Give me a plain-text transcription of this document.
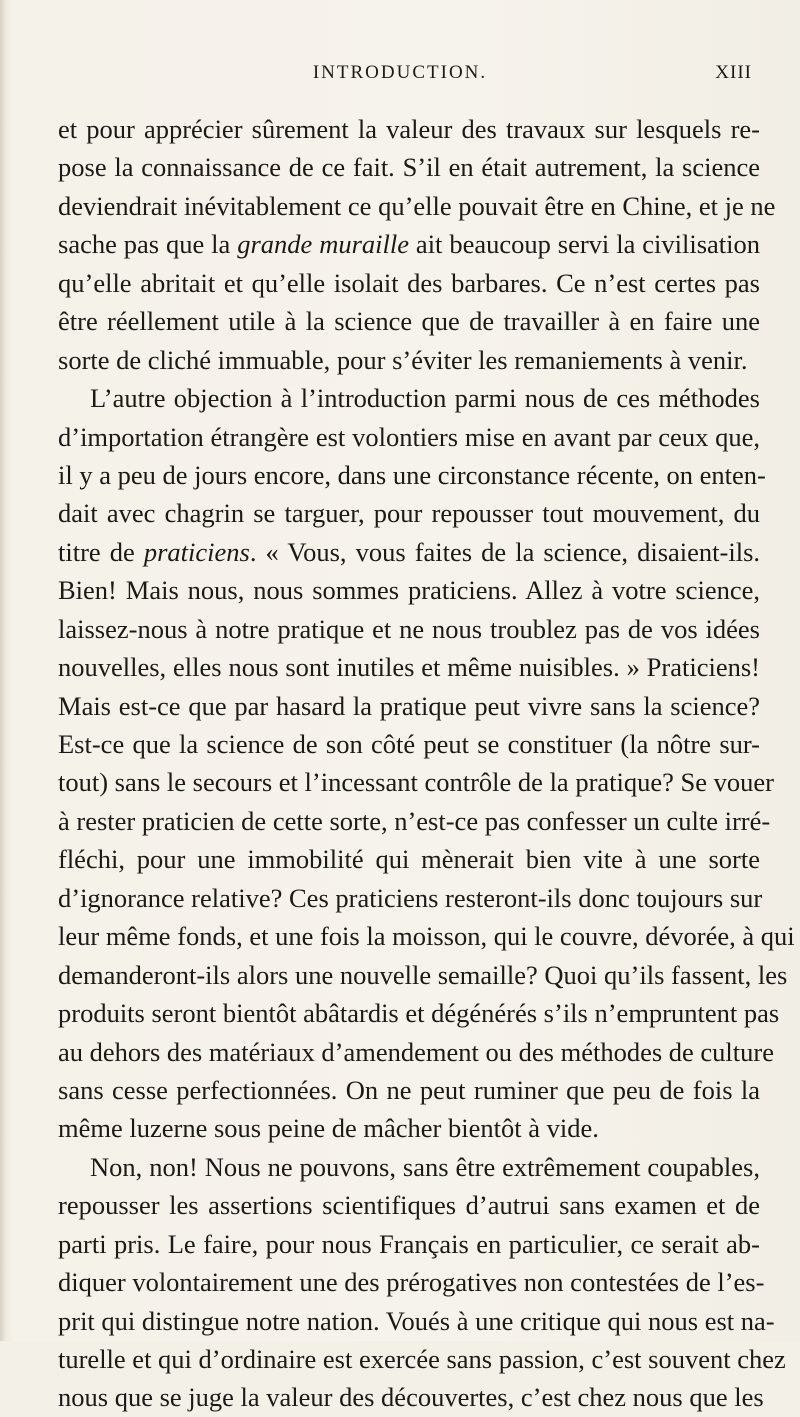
INTRODUCTION.	XIII
et pour apprécier sûrement la valeur des travaux sur lesquels re-
pose la connaissance de ce fait. S’il en était autrement, la science
deviendrait inévitablement ce qu’elle pouvait être en Chine, et je ne
sache pas que la grande muraille ait beaucoup servi la civilisation
qu’elle abritait et qu’elle isolait des barbares. Ce n’est certes pas
être réellement utile à la science que de travailler à en faire une
sorte de cliché immuable, pour s’éviter les remaniements à venir.
L’autre objection à l’introduction parmi nous de ces méthodes
d’importation étrangère est volontiers mise en avant par ceux que,
il y a peu de jours encore, dans une circonstance récente, on enten-
dait avec chagrin se targuer, pour repousser tout mouvement, du
titre de praticiens. « Vous, vous faites de la science, disaient-ils.
Bien! Mais nous, nous sommes praticiens. Allez à votre science,
laissez-nous à notre pratique et ne nous troublez pas de vos idées
nouvelles, elles nous sont inutiles et même nuisibles. » Praticiens!
Mais est-ce que par hasard la pratique peut vivre sans la science?
Est-ce que la science de son côté peut se constituer (la nôtre sur-
tout) sans le secours et l’incessant contrôle de la pratique? Se vouer
à rester praticien de cette sorte, n’est-ce pas confesser un culte irré-
fléchi, pour une immobilité qui mènerait bien vite à une sorte
d’ignorance relative? Ces praticiens resteront-ils donc toujours sur
leur même fonds, et une fois la moisson, qui le couvre, dévorée, à qui
demanderont-ils alors une nouvelle semaille? Quoi qu’ils fassent, les
produits seront bientôt abâtardis et dégénérés s’ils n’empruntent pas
au dehors des matériaux d’amendement ou des méthodes de culture
sans cesse perfectionnées. On ne peut ruminer que peu de fois la
même luzerne sous peine de mâcher bientôt à vide.
Non, non! Nous ne pouvons, sans être extrêmement coupables,
repousser les assertions scientifiques d’autrui sans examen et de
parti pris. Le faire, pour nous Français en particulier, ce serait ab-
diquer volontairement une des prérogatives non contestées de l’es-
prit qui distingue notre nation. Voués à une critique qui nous est na-
turelle et qui d’ordinaire est exercée sans passion, c’est souvent chez
nous que se juge la valeur des découvertes, c’est chez nous que les
